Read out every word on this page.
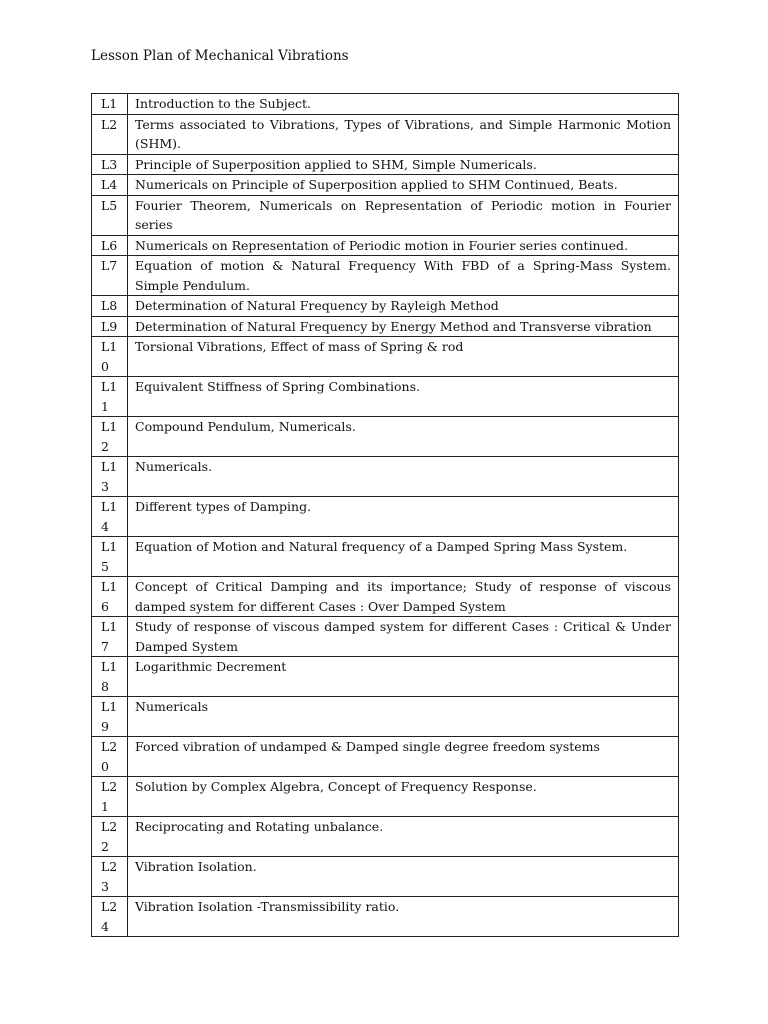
Lesson Plan of Mechanical Vibrations
L1	Introduction to the Subject.
L2	Terms associated to Vibrations, Types of Vibrations, and Simple Harmonic Motion (SHM).
L3	Principle of Superposition applied to SHM, Simple Numericals.
L4	Numericals on Principle of Superposition applied to SHM Continued, Beats.
L5	Fourier Theorem, Numericals on Representation of Periodic motion in Fourier series
L6	Numericals on Representation of Periodic motion in Fourier series continued.
L7	Equation of motion & Natural Frequency With FBD of a Spring-Mass System. Simple Pendulum.
L8	Determination of Natural Frequency by Rayleigh Method
L9	Determination of Natural Frequency by Energy Method and Transverse vibration
L10	Torsional Vibrations, Effect of mass of Spring & rod
L11	Equivalent Stiffness of Spring Combinations.
L12	Compound Pendulum, Numericals.
L13	Numericals.
L14	Different types of Damping.
L15	Equation of Motion and Natural frequency of a Damped Spring Mass System.
L16	Concept of Critical Damping and its importance; Study of response of viscous damped system for different Cases : Over Damped System
L17	Study of response of viscous damped system for different Cases : Critical & Under Damped System
L18	Logarithmic Decrement
L19	Numericals
L20	Forced vibration of undamped & Damped single degree freedom systems
L21	Solution by Complex Algebra, Concept of Frequency Response.
L22	Reciprocating and Rotating unbalance.
L23	Vibration Isolation.
L24	Vibration Isolation -Transmissibility ratio.
